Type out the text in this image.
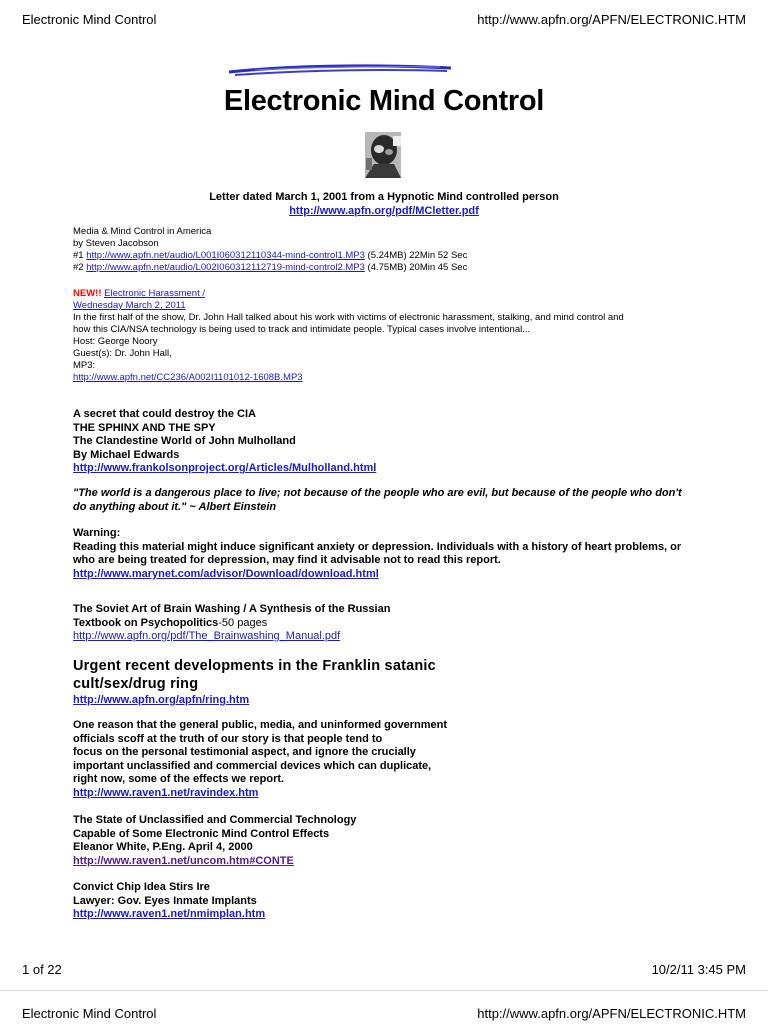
Electronic Mind Control	http://www.apfn.org/APFN/ELECTRONIC.HTM
Electronic Mind Control
Letter dated March 1, 2001 from a Hypnotic Mind controlled person
http://www.apfn.org/pdf/MCletter.pdf
Media & Mind Control in America
by Steven Jacobson
#1 http://www.apfn.net/audio/L001I060312110344-mind-control1.MP3 (5.24MB) 22Min 52 Sec
#2 http://www.apfn.net/audio/L002I060312112719-mind-control2.MP3 (4.75MB) 20Min 45 Sec
NEW!! Electronic Harassment /
Wednesday March 2, 2011
In the first half of the show, Dr. John Hall talked about his work with victims of electronic harassment, stalking, and mind control and
how this CIA/NSA technology is being used to track and intimidate people. Typical cases involve intentional...
Host: George Noory
Guest(s): Dr. John Hall,
MP3:
http://www.apfn.net/CC236/A002I1101012-1608B.MP3
A secret that could destroy the CIA
THE SPHINX AND THE SPY
The Clandestine World of John Mulholland
By Michael Edwards
http://www.frankolsonproject.org/Articles/Mulholland.html
"The world is a dangerous place to live; not because of the people who are evil, but because of the people who don't
do anything about it." ~ Albert Einstein
Warning:
Reading this material might induce significant anxiety or depression. Individuals with a history of heart problems, or
who are being treated for depression, may find it advisable not to read this report.
http://www.marynet.com/advisor/Download/download.html
The Soviet Art of Brain Washing / A Synthesis of the Russian
Textbook on Psychopolitics-50 pages
http://www.apfn.org/pdf/The_Brainwashing_Manual.pdf
Urgent recent developments in the Franklin satanic
cult/sex/drug ring
http://www.apfn.org/apfn/ring.htm
One reason that the general public, media, and uninformed government
officials scoff at the truth of our story is that people tend to
focus on the personal testimonial aspect, and ignore the crucially
important unclassified and commercial devices which can duplicate,
right now, some of the effects we report.
http://www.raven1.net/ravindex.htm
The State of Unclassified and Commercial Technology
Capable of Some Electronic Mind Control Effects
Eleanor White, P.Eng. April 4, 2000
http://www.raven1.net/uncom.htm#CONTE
Convict Chip Idea Stirs Ire
Lawyer: Gov. Eyes Inmate Implants
http://www.raven1.net/nmimplan.htm
1 of 22	10/2/11 3:45 PM
Electronic Mind Control	http://www.apfn.org/APFN/ELECTRONIC.HTM
